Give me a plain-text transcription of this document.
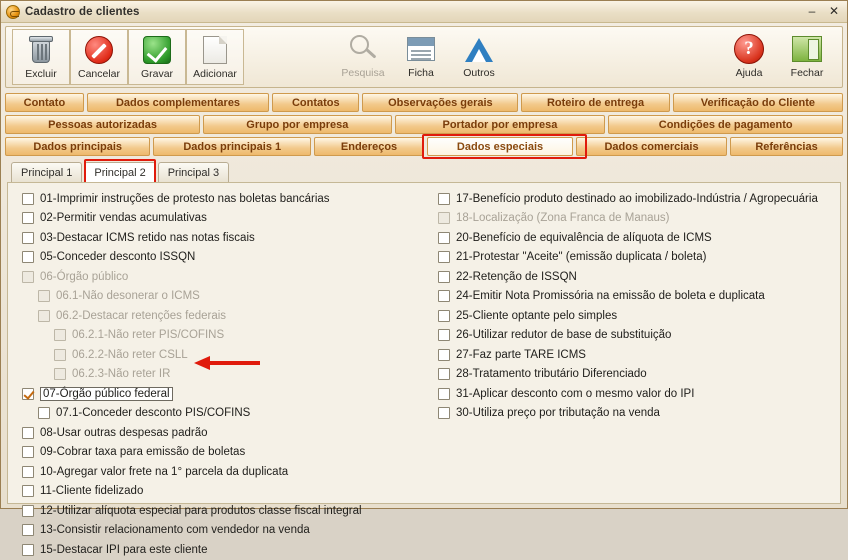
Cadastro de clientes	–	✕
Excluir Cancelar Gravar Adicionar	Pesquisa Ficha	Outros
?
Ajuda	Fechar
Contato	Dados complementares	Contatos	Observações gerais	Roteiro de entrega	Verificação do Cliente
Pessoas autorizadas	Grupo por empresa	Portador por empresa	Condições de pagamento
Dados principais	Dados principais 1	Endereços	Dados especiais	Dados comerciais	Referências
Principal 1	Principal 2	Principal 3
01-Imprimir instruções de protesto nas boletas bancárias
02-Permitir vendas acumulativas
03-Destacar ICMS retido nas notas fiscais
05-Conceder desconto ISSQN
06-Órgão público
06.1-Não desonerar o ICMS
06.2-Destacar retenções federais
06.2.1-Não reter PIS/COFINS
06.2.2-Não reter CSLL
06.2.3-Não reter IR
07-Órgão público federal
07.1-Conceder desconto PIS/COFINS
08-Usar outras despesas padrão
09-Cobrar taxa para emissão de boletas
10-Agregar valor frete na 1° parcela da duplicata
11-Cliente fidelizado
12-Utilizar alíquota especial para produtos classe fiscal integral
13-Consistir relacionamento com vendedor na venda
15-Destacar IPI para este cliente
17-Benefício produto destinado ao imobilizado-Indústria / Agropecuária
18-Localização (Zona Franca de Manaus)
20-Benefício de equivalência de alíquota de ICMS
21-Protestar "Aceite" (emissão duplicata / boleta)
22-Retenção de ISSQN
24-Emitir Nota Promissória na emissão de boleta e duplicata
25-Cliente optante pelo simples
26-Utilizar redutor de base de substituição
27-Faz parte TARE ICMS
28-Tratamento tributário Diferenciado
31-Aplicar desconto com o mesmo valor do IPI
30-Utiliza preço por tributação na venda
